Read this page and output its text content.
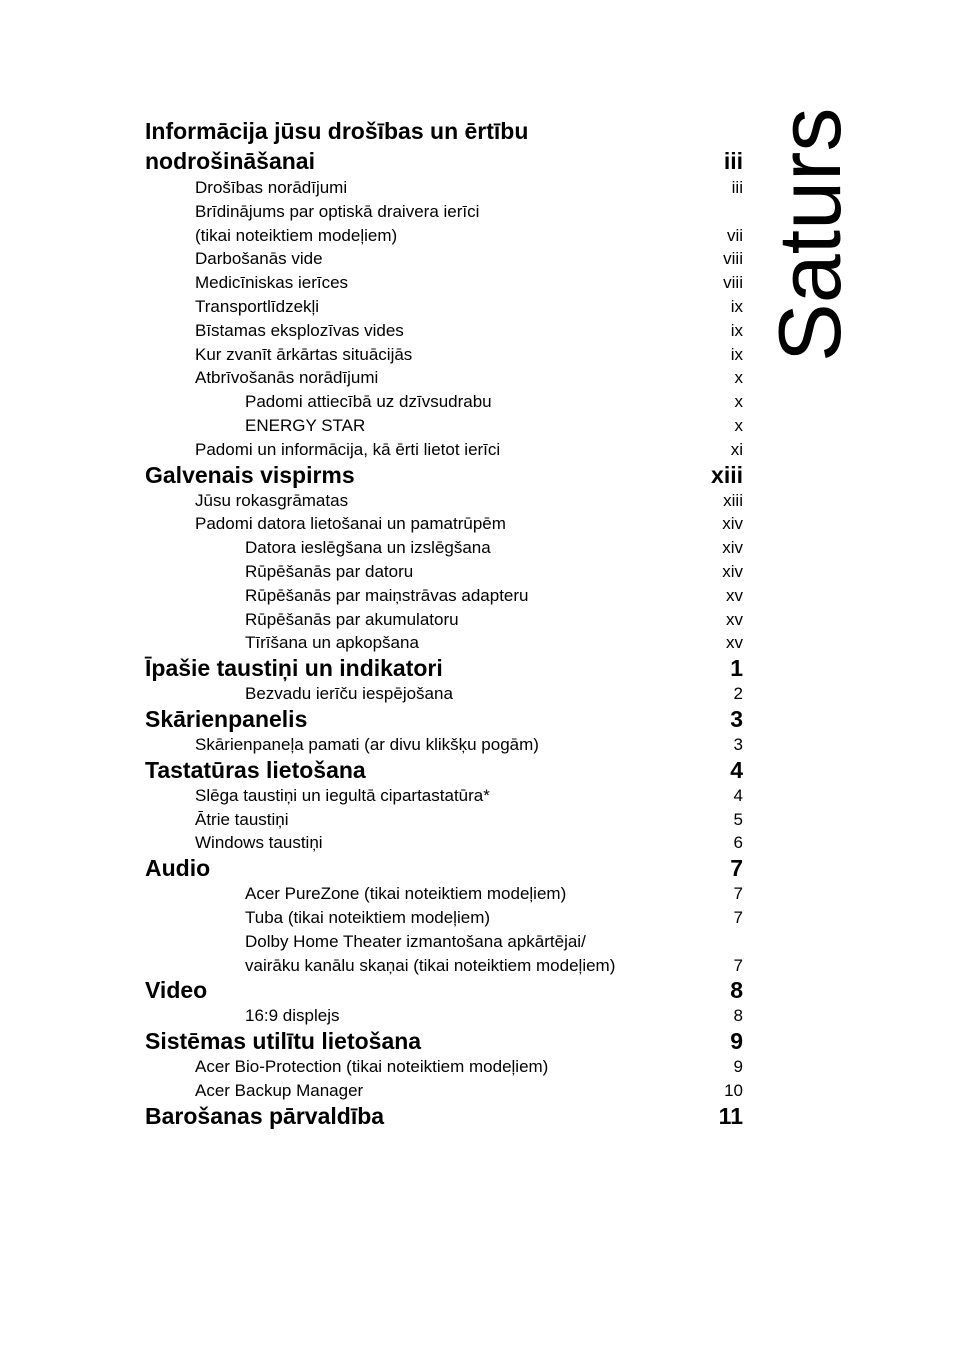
Saturs
Informācija jūsu drošības un ērtību
nodrošināšanai	iii
Drošības norādījumi	iii
Brīdinājums par optiskā draivera ierīci
(tikai noteiktiem modeļiem)	vii
Darbošanās vide	viii
Medicīniskas ierīces	viii
Transportlīdzekļi	ix
Bīstamas eksplozīvas vides	ix
Kur zvanīt ārkārtas situācijās	ix
Atbrīvošanās norādījumi	x
Padomi attiecībā uz dzīvsudrabu	x
ENERGY STAR	x
Padomi un informācija, kā ērti lietot ierīci	xi
Galvenais vispirms	xiii
Jūsu rokasgrāmatas	xiii
Padomi datora lietošanai un pamatrūpēm	xiv
Datora ieslēgšana un izslēgšana	xiv
Rūpēšanās par datoru	xiv
Rūpēšanās par maiņstrāvas adapteru	xv
Rūpēšanās par akumulatoru	xv
Tīrīšana un apkopšana	xv
Īpašie taustiņi un indikatori	1
Bezvadu ierīču iespējošana	2
Skārienpanelis	3
Skārienpaneļa pamati (ar divu klikšķu pogām)	3
Tastatūras lietošana	4
Slēga taustiņi un iegultā cipartastatūra*	4
Ātrie taustiņi	5
Windows taustiņi	6
Audio	7
Acer PureZone (tikai noteiktiem modeļiem)	7
Tuba (tikai noteiktiem modeļiem)	7
Dolby Home Theater izmantošana apkārtējai/
vairāku kanālu skaņai (tikai noteiktiem modeļiem)	7
Video	8
16:9 displejs	8
Sistēmas utilītu lietošana	9
Acer Bio-Protection (tikai noteiktiem modeļiem)	9
Acer Backup Manager	10
Barošanas pārvaldība	11
